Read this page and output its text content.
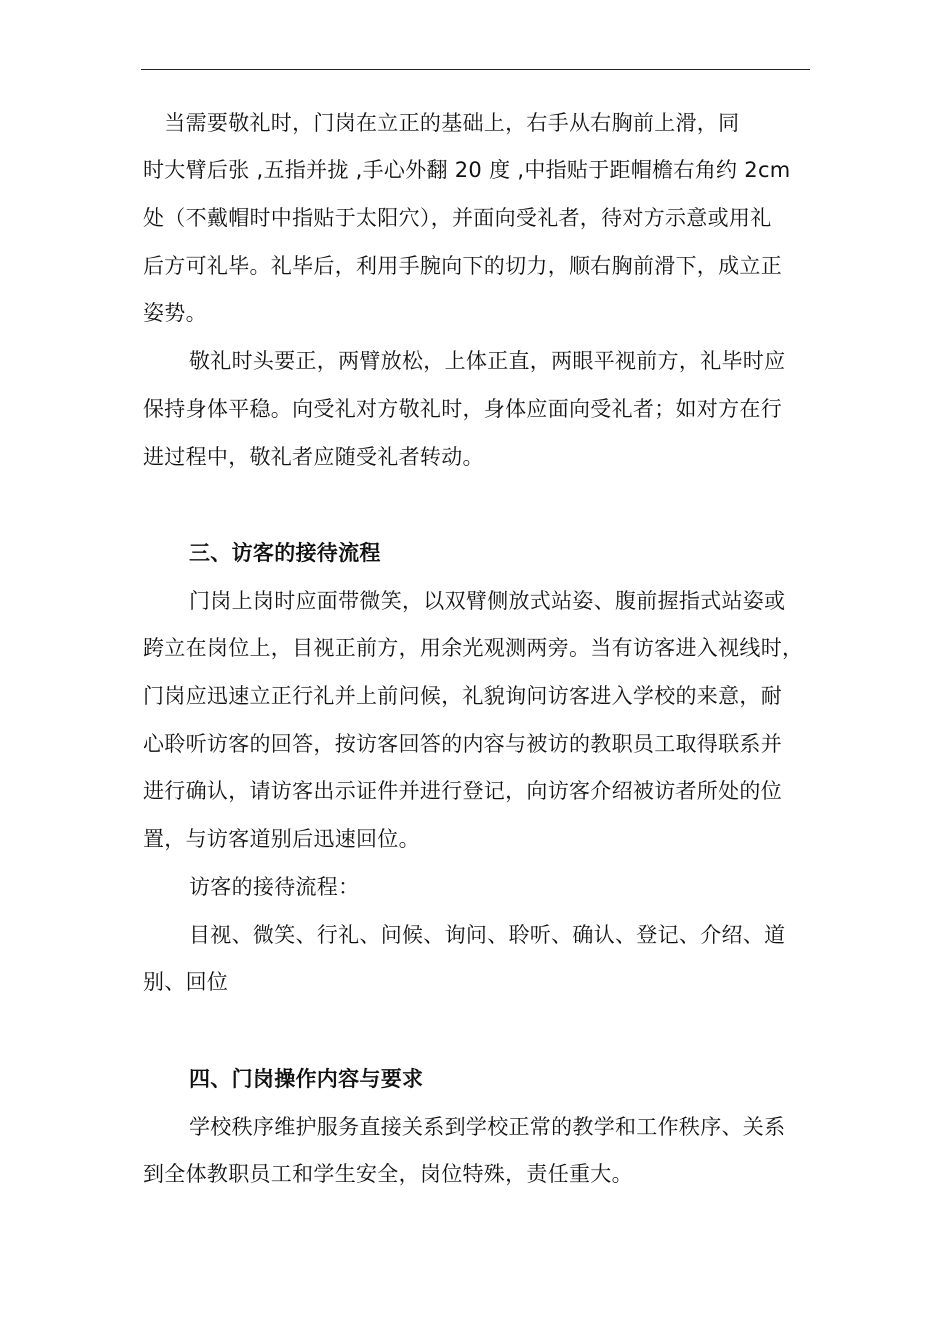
　当需要敬礼时，门岗在立正的基础上，右手从右胸前上滑，同
时大臂后张 ,五指并拢 ,手心外翻 20 度 ,中指贴于距帽檐右角约 2cm
处（不戴帽时中指贴于太阳穴），并面向受礼者，待对方示意或用礼
后方可礼毕。礼毕后，利用手腕向下的切力，顺右胸前滑下，成立正
姿势。
敬礼时头要正，两臂放松，上体正直，两眼平视前方，礼毕时应
保持身体平稳。向受礼对方敬礼时，身体应面向受礼者；如对方在行
进过程中，敬礼者应随受礼者转动。
三、访客的接待流程
门岗上岗时应面带微笑，以双臂侧放式站姿、腹前握指式站姿或
跨立在岗位上，目视正前方，用余光观测两旁。当有访客进入视线时，
门岗应迅速立正行礼并上前问候，礼貌询问访客进入学校的来意，耐
心聆听访客的回答，按访客回答的内容与被访的教职员工取得联系并
进行确认，请访客出示证件并进行登记，向访客介绍被访者所处的位
置，与访客道别后迅速回位。
访客的接待流程：
目视、微笑、行礼、问候、询问、聆听、确认、登记、介绍、道
别、回位
四、门岗操作内容与要求
学校秩序维护服务直接关系到学校正常的教学和工作秩序、关系
到全体教职员工和学生安全，岗位特殊，责任重大。
